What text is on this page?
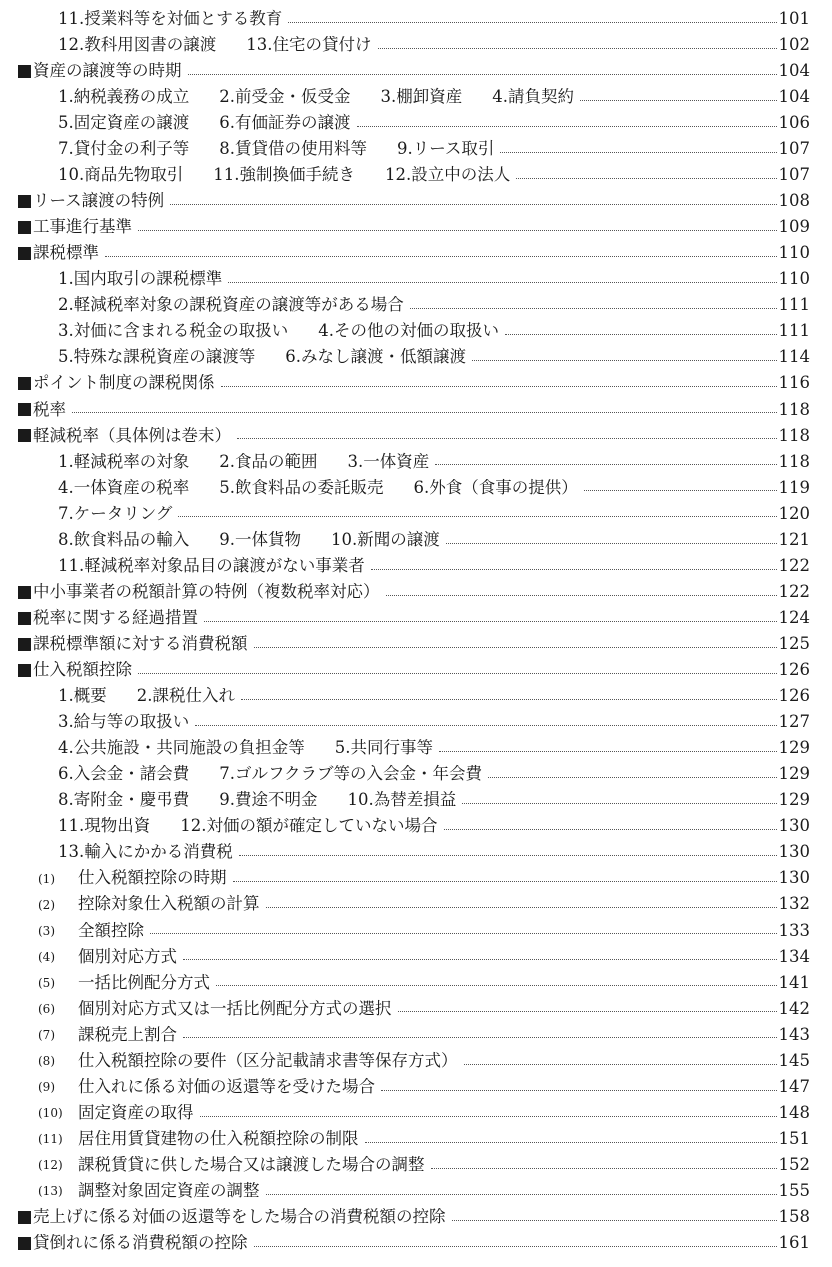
11.授業料等を対価とする教育	101
12.教科用図書の譲渡 13.住宅の貸付け	102
資産の譲渡等の時期	104
1.納税義務の成立 2.前受金・仮受金 3.棚卸資産 4.請負契約	104
5.固定資産の譲渡 6.有価証券の譲渡	106
7.貸付金の利子等 8.賃貸借の使用料等 9.リース取引	107
10.商品先物取引 11.強制換価手続き 12.設立中の法人	107
リース譲渡の特例	108
工事進行基準	109
課税標準	110
1.国内取引の課税標準	110
2.軽減税率対象の課税資産の譲渡等がある場合	111
3.対価に含まれる税金の取扱い 4.その他の対価の取扱い	111
5.特殊な課税資産の譲渡等 6.みなし譲渡・低額譲渡	114
ポイント制度の課税関係	116
税率	118
軽減税率（具体例は巻末）	118
1.軽減税率の対象 2.食品の範囲 3.一体資産	118
4.一体資産の税率 5.飲食料品の委託販売 6.外食（食事の提供）	119
7.ケータリング	120
8.飲食料品の輸入 9.一体貨物 10.新聞の譲渡	121
11.軽減税率対象品目の譲渡がない事業者	122
中小事業者の税額計算の特例（複数税率対応）	122
税率に関する経過措置	124
課税標準額に対する消費税額	125
仕入税額控除	126
1.概要 2.課税仕入れ	126
3.給与等の取扱い	127
4.公共施設・共同施設の負担金等 5.共同行事等	129
6.入会金・諸会費 7.ゴルフクラブ等の入会金・年会費	129
8.寄附金・慶弔費 9.費途不明金 10.為替差損益	129
11.現物出資 12.対価の額が確定していない場合	130
13.輸入にかかる消費税	130
(1)	仕入税額控除の時期	130
(2)	控除対象仕入税額の計算	132
(3)	全額控除	133
(4)	個別対応方式	134
(5)	一括比例配分方式	141
(6)	個別対応方式又は一括比例配分方式の選択	142
(7)	課税売上割合	143
(8)	仕入税額控除の要件（区分記載請求書等保存方式）	145
(9)	仕入れに係る対価の返還等を受けた場合	147
(10) 固定資産の取得	148
(11) 居住用賃貸建物の仕入税額控除の制限	151
(12) 課税賃貸に供した場合又は譲渡した場合の調整	152
(13) 調整対象固定資産の調整	155
売上げに係る対価の返還等をした場合の消費税額の控除	158
貸倒れに係る消費税額の控除	161
